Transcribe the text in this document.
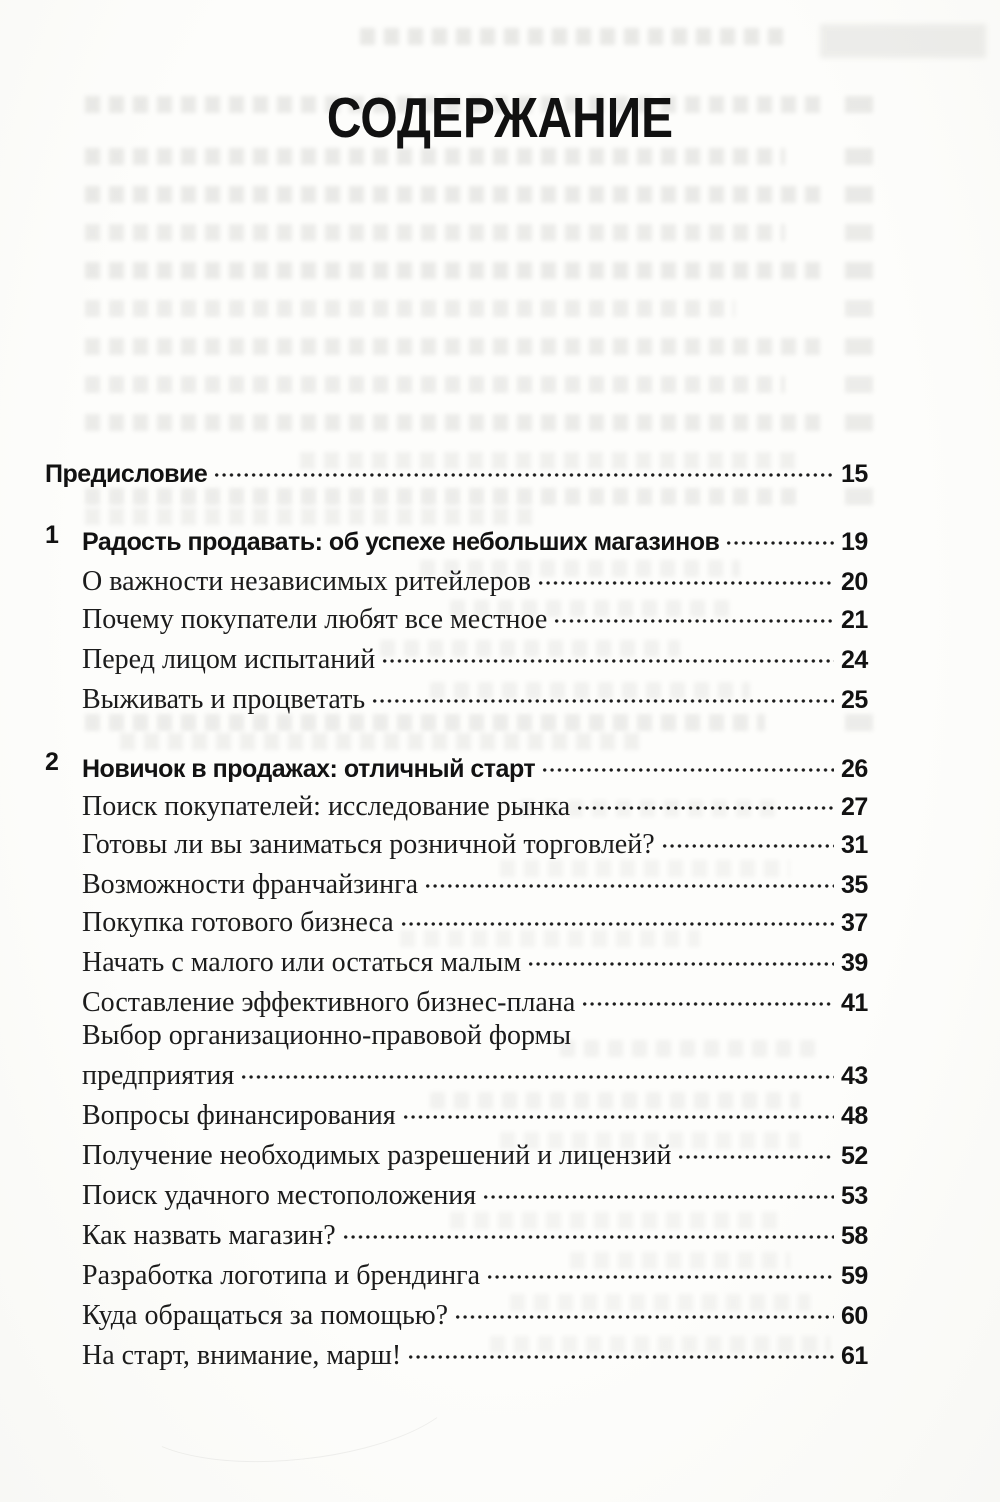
СОДЕРЖАНИЕ
Предисловие	15
1 Радость продавать: об успехе небольших магазинов	19
О важности независимых ритейлеров	20
Почему покупатели любят все местное	21
Перед лицом испытаний	24
Выживать и процветать	25
2 Новичок в продажах: отличный старт	26
Поиск покупателей: исследование рынка	27
Готовы ли вы заниматься розничной торговлей?	31
Возможности франчайзинга	35
Покупка готового бизнеса	37
Начать с малого или остаться малым	39
Составление эффективного бизнес-плана	41
Выбор организационно-правовой формы
предприятия	43
Вопросы финансирования	48
Получение необходимых разрешений и лицензий	52
Поиск удачного местоположения	53
Как назвать магазин?	58
Разработка логотипа и брендинга	59
Куда обращаться за помощью?	60
На старт, внимание, марш!	61
